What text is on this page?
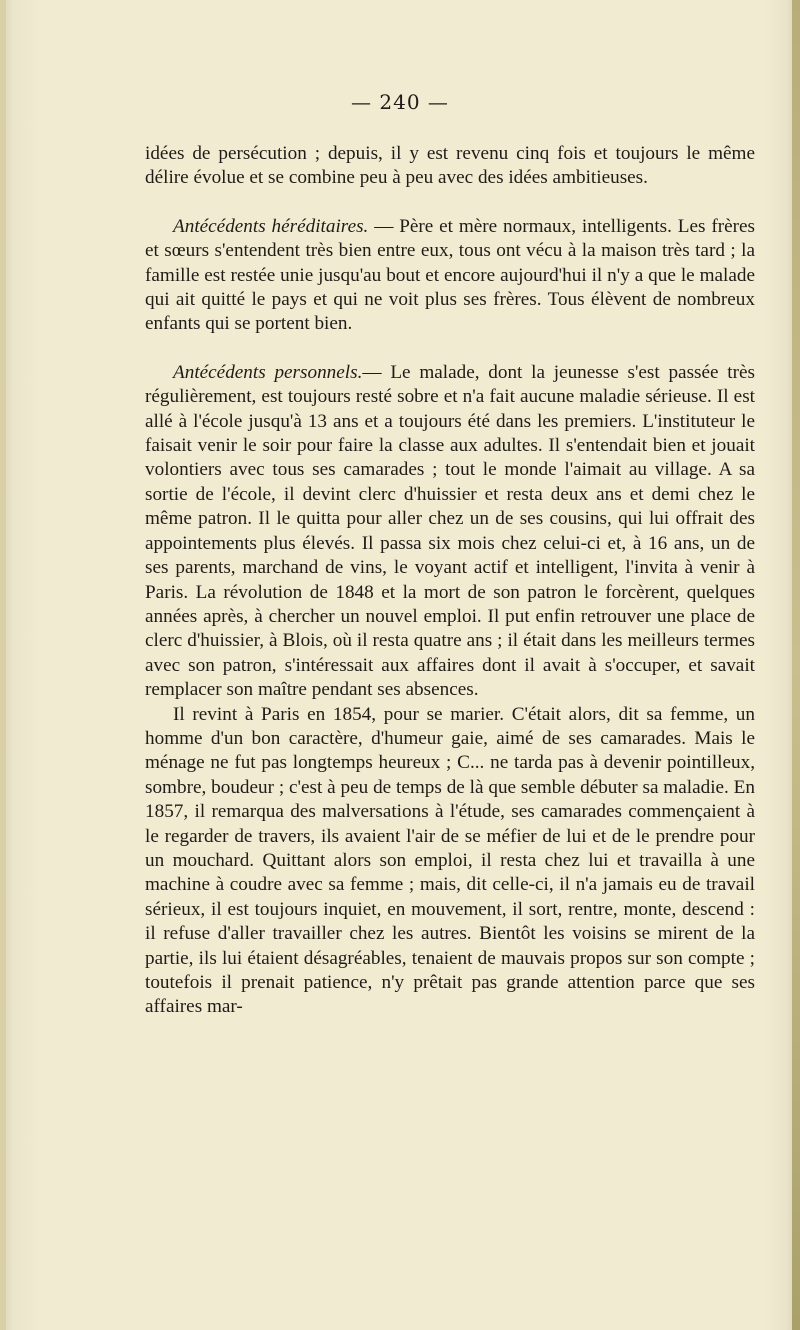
— 240 —

idées de persécution ; depuis, il y est revenu cinq fois et toujours le même délire évolue et se combine peu à peu avec des idées ambitieuses.

Antécédents héréditaires. — Père et mère normaux, intelligents. Les frères et sœurs s'entendent très bien entre eux, tous ont vécu à la maison très tard ; la famille est restée unie jusqu'au bout et encore aujourd'hui il n'y a que le malade qui ait quitté le pays et qui ne voit plus ses frères. Tous élèvent de nombreux enfants qui se portent bien.

Antécédents personnels.— Le malade, dont la jeunesse s'est passée très régulièrement, est toujours resté sobre et n'a fait aucune maladie sérieuse. Il est allé à l'école jusqu'à 13 ans et a toujours été dans les premiers. L'instituteur le faisait venir le soir pour faire la classe aux adultes. Il s'entendait bien et jouait volontiers avec tous ses camarades ; tout le monde l'aimait au village. A sa sortie de l'école, il devint clerc d'huissier et resta deux ans et demi chez le même patron. Il le quitta pour aller chez un de ses cousins, qui lui offrait des appointements plus élevés. Il passa six mois chez celui-ci et, à 16 ans, un de ses parents, marchand de vins, le voyant actif et intelligent, l'invita à venir à Paris. La révolution de 1848 et la mort de son patron le forcèrent, quelques années après, à chercher un nouvel emploi. Il put enfin retrouver une place de clerc d'huissier, à Blois, où il resta quatre ans ; il était dans les meilleurs termes avec son patron, s'intéressait aux affaires dont il avait à s'occuper, et savait remplacer son maître pendant ses absences.

Il revint à Paris en 1854, pour se marier. C'était alors, dit sa femme, un homme d'un bon caractère, d'humeur gaie, aimé de ses camarades. Mais le ménage ne fut pas longtemps heureux ; C... ne tarda pas à devenir pointilleux, sombre, boudeur ; c'est à peu de temps de là que semble débuter sa maladie. En 1857, il remarqua des malversations à l'étude, ses camarades commençaient à le regarder de travers, ils avaient l'air de se méfier de lui et de le prendre pour un mouchard. Quittant alors son emploi, il resta chez lui et travailla à une machine à coudre avec sa femme ; mais, dit celle-ci, il n'a jamais eu de travail sérieux, il est toujours inquiet, en mouvement, il sort, rentre, monte, descend : il refuse d'aller travailler chez les autres. Bientôt les voisins se mirent de la partie, ils lui étaient désagréables, tenaient de mauvais propos sur son compte ; toutefois il prenait patience, n'y prêtait pas grande attention parce que ses affaires mar-
